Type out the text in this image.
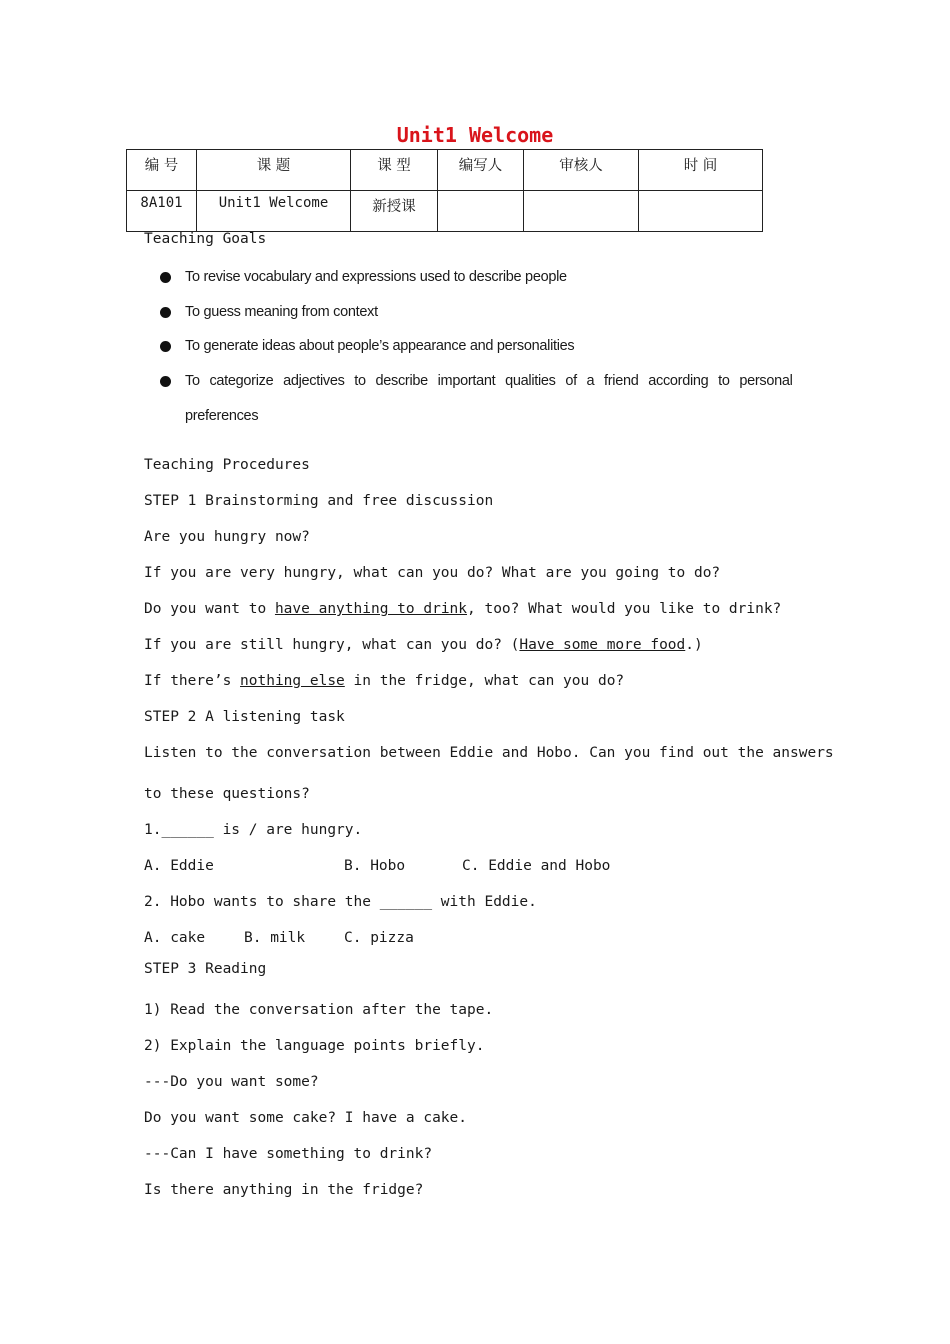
Unit1 Welcome
编 号	课 题	课 型	编写人	审核人	时 间
8A101	Unit1 Welcome	新授课			
Teaching Goals
To revise vocabulary and expressions used to describe people
To guess meaning from context
To generate ideas about people’s appearance and personalities
To categorize adjectives to describe important qualities of a friend according to personal
preferences
Teaching Procedures
STEP 1 Brainstorming and free discussion
Are you hungry now?
If you are very hungry, what can you do? What are you going to do?
Do you want to have anything to drink, too? What would you like to drink?
If you are still hungry, what can you do? (Have some more food.)
If there’s nothing else in the fridge, what can you do?
STEP 2 A listening task
Listen to the conversation between Eddie and Hobo. Can you find out the answers
to these questions?
1.______ is / are hungry.
A. Eddie	B. Hobo	C. Eddie and Hobo
2. Hobo wants to share the ______ with Eddie.
A. cake	B. milk	C. pizza
STEP 3 Reading
1) Read the conversation after the tape.
2) Explain the language points briefly.
---Do you want some?
Do you want some cake? I have a cake.
---Can I have something to drink?
Is there anything in the fridge?
